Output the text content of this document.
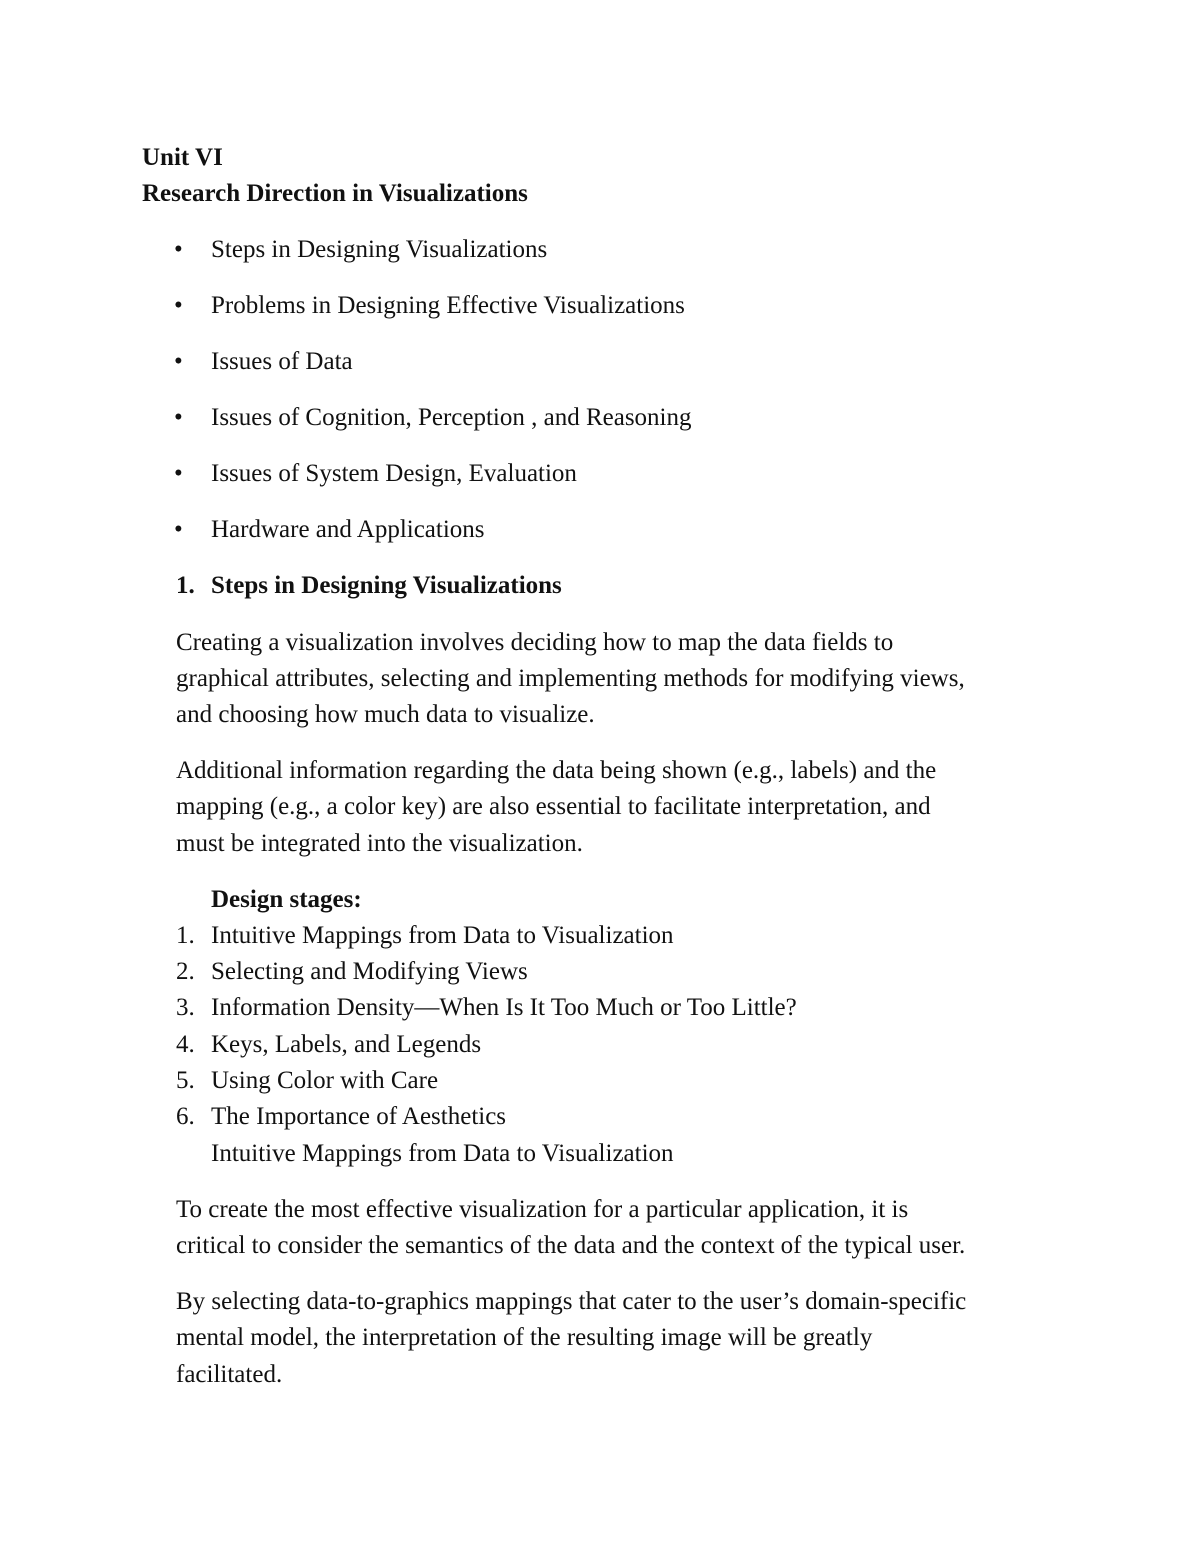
Unit VI
Research Direction in Visualizations
• Steps in Designing Visualizations
• Problems in Designing Effective Visualizations
• Issues of Data
• Issues of Cognition, Perception , and Reasoning
• Issues of System Design, Evaluation
• Hardware and Applications
1. Steps in Designing Visualizations
Creating a visualization involves deciding how to map the data fields to
graphical attributes, selecting and implementing methods for modifying views,
and choosing how much data to visualize.
Additional information regarding the data being shown (e.g., labels) and the
mapping (e.g., a color key) are also essential to facilitate interpretation, and
must be integrated into the visualization.
Design stages:
1. Intuitive Mappings from Data to Visualization
2. Selecting and Modifying Views
3. Information Density—When Is It Too Much or Too Little?
4. Keys, Labels, and Legends
5. Using Color with Care
6. The Importance of Aesthetics
Intuitive Mappings from Data to Visualization
To create the most effective visualization for a particular application, it is
critical to consider the semantics of the data and the context of the typical user.
By selecting data-to-graphics mappings that cater to the user’s domain-specific
mental model, the interpretation of the resulting image will be greatly
facilitated.
